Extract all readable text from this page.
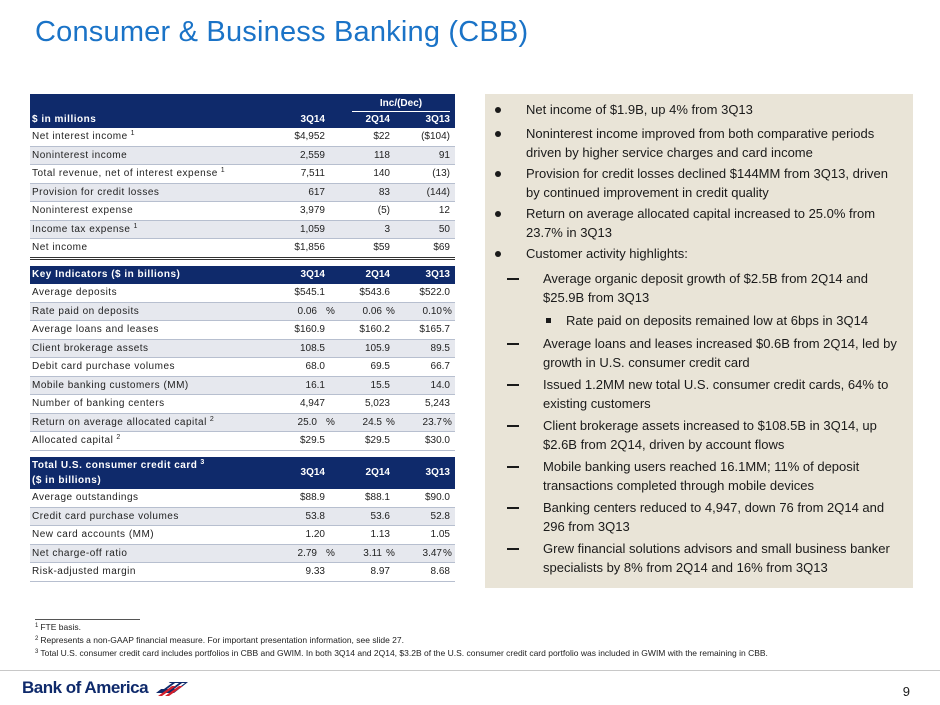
Consumer & Business Banking (CBB)
Inc/(Dec)
$ in millions	3Q14	2Q14	3Q13
Net interest income $^1$	$4,952	$22	($104)
Noninterest income	2,559	118	91
Total revenue, net of interest expense $^1$	7,511	140	(13)
Provision for credit losses	617	83	(144)
Noninterest expense	3,979	(5)	12
Income tax expense $^1$	1,059	3	50
Net income	$1,856	$59	$69
Key Indicators ($ in billions)	3Q14	2Q14	3Q13
Average deposits	$545.1	$543.6	$522.0
Rate paid on deposits	0.06 %	0.06 %	0.10 %
Average loans and leases	$160.9	$160.2	$165.7
Client brokerage assets	108.5	105.9	89.5
Debit card purchase volumes	68.0	69.5	66.7
Mobile banking customers (MM)	16.1	15.5	14.0
Number of banking centers	4,947	5,023	5,243
Return on average allocated capital $^2$	25.0 %	24.5 %	23.7 %
Allocated capital $^2$	$29.5	$29.5	$30.0
Total U.S. consumer credit card $^3$
($ in billions)
3Q14	2Q14	3Q13
Average outstandings	$88.9	$88.1	$90.0
Credit card purchase volumes	53.8	53.6	52.8
New card accounts (MM)	1.20	1.13	1.05
Net charge-off ratio	2.79 %	3.11 %	3.47 %
Risk-adjusted margin	9.33	8.97	8.68
Net income of $1.9B, up 4% from 3Q13
Noninterest income improved from both comparative periods driven by higher service charges and card income
Provision for credit losses declined $144MM from 3Q13, driven by continued improvement in credit quality
Return on average allocated capital increased to 25.0% from 23.7% in 3Q13
Customer activity highlights:
Average organic deposit growth of $2.5B from 2Q14 and $25.9B from 3Q13
Rate paid on deposits remained low at 6bps in 3Q14
Average loans and leases increased $0.6B from 2Q14, led by growth in U.S. consumer credit card
Issued 1.2MM new total U.S. consumer credit cards, 64% to existing customers
Client brokerage assets increased to $108.5B in 3Q14, up $2.6B from 2Q14, driven by account flows
Mobile banking users reached 16.1MM; 11% of deposit transactions completed through mobile devices
Banking centers reduced to 4,947, down 76 from 2Q14 and 296 from 3Q13
Grew financial solutions advisors and small business banker specialists by 8% from 2Q14 and 16% from 3Q13
$^1$ FTE basis.
$^2$ Represents a non-GAAP financial measure. For important presentation information, see slide 27.
$^3$ Total U.S. consumer credit card includes portfolios in CBB and GWIM. In both 3Q14 and 2Q14, $3.2B of the U.S. consumer credit card portfolio was included in GWIM with the remaining in CBB.
Bank of America	9
